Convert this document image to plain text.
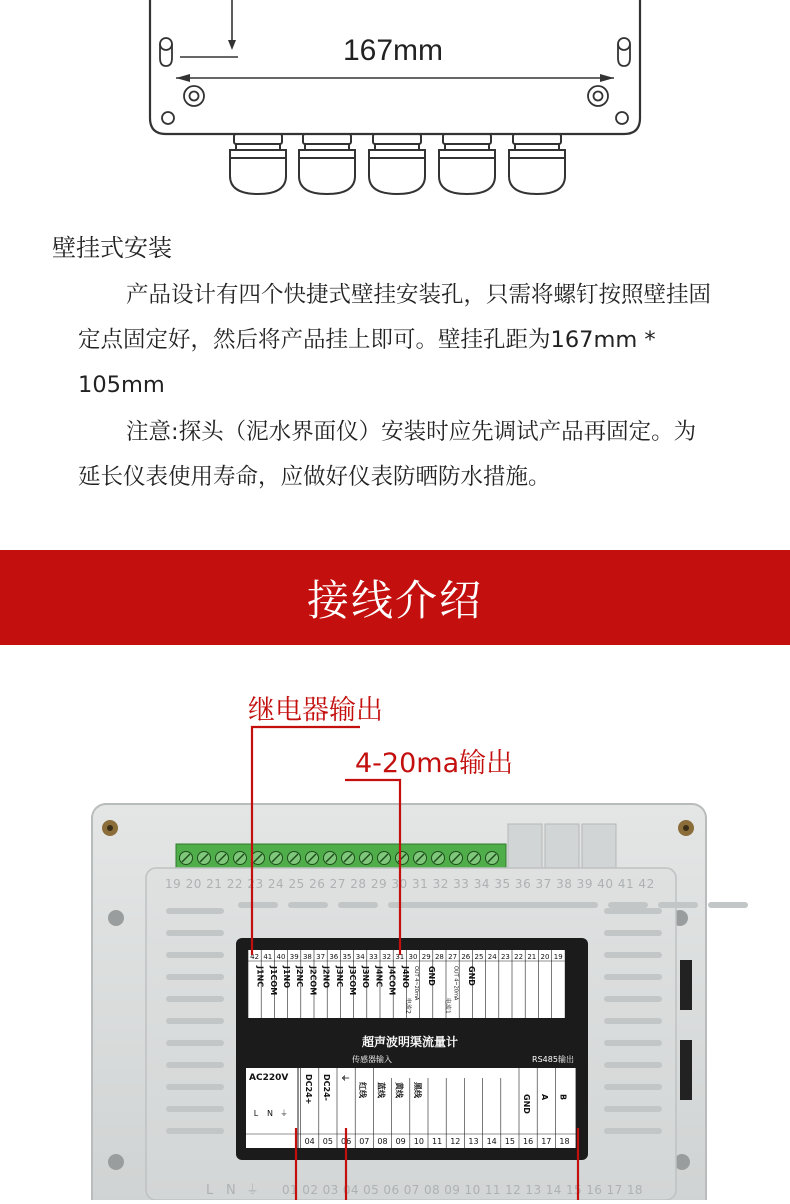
167mm
壁挂式安装

产品设计有四个快捷式壁挂安装孔，只需将螺钉按照壁挂固定点固定好，然后将产品挂上即可。壁挂孔距为167mm * 105mm

注意:探头（泥水界面仪）安装时应先调试产品再固定。为延长仪表使用寿命，应做好仪表防晒防水措施。

接线介绍
继电器输出
4-20ma输出
19 20 21 22 23 24 25 26 27 28 29 30 31 32 33 34 35 36 37 38 39 40 41 42
42 41 40 39 38 37 36 35 34 33 32 31 30 29 28 27 26 25 24 23 22 21 20 19
J1NC J1COM J1NO J2NC J2COM J2NO J3NC J3COM J3NO J4NC J4COM J4NO GND	GND
OUT 4~20mA
电流2
OUT 4~20mA
电流1
超声波明渠流量计
04 05 06 07 08 09 10 11 12 13 14 15 16 17 18
AC220V
L N ⏚
DC24+ DC24- ⏚
红线 蓝线 黄线 黑线
GND A B
传感器输入	RS485输出
L N ⏚ 01 02 03 04 05 06 07 08 09 10 11 12 13 14 15 16 17 18
